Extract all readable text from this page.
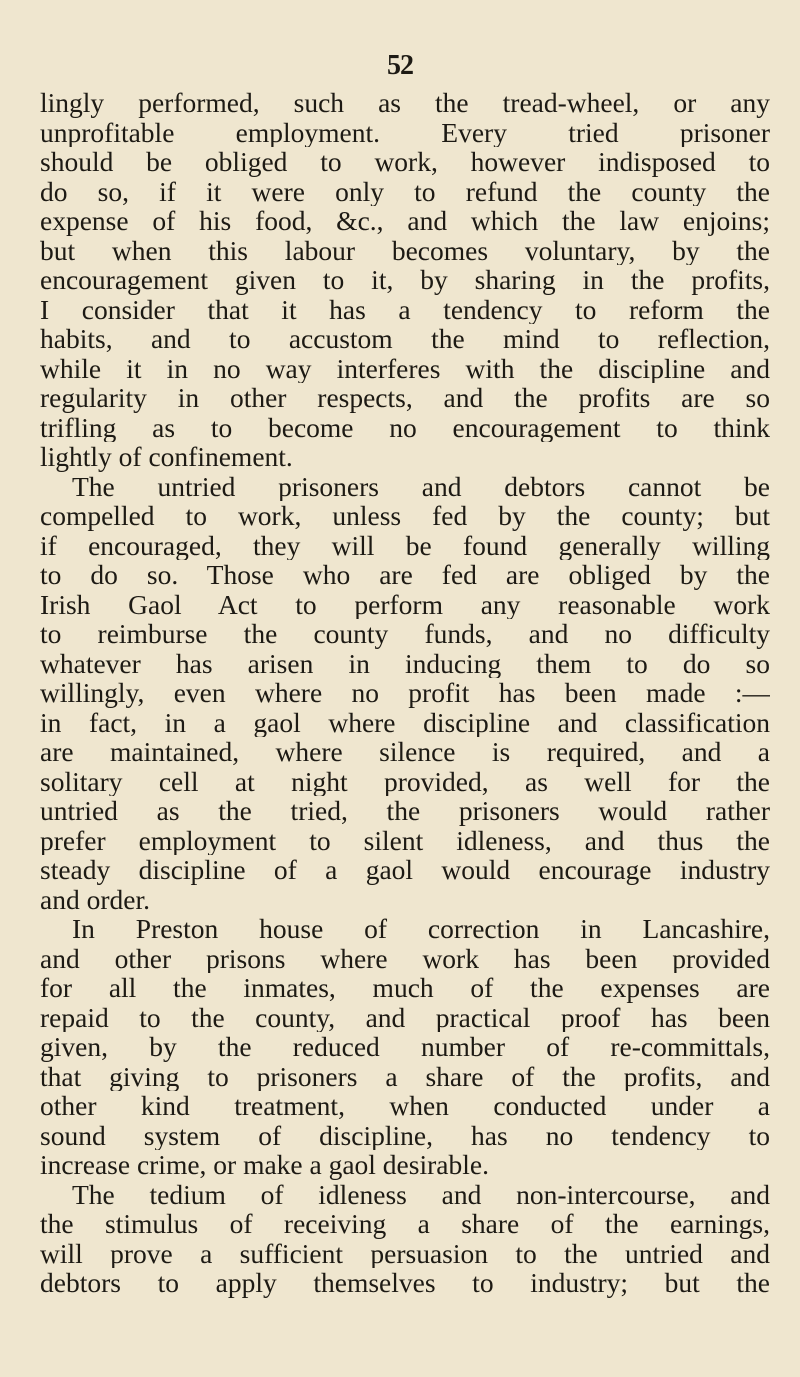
52
lingly performed, such as the tread-wheel, or any
unprofitable employment. Every tried prisoner
should be obliged to work, however indisposed to
do so, if it were only to refund the county the
expense of his food, &c., and which the law enjoins;
but when this labour becomes voluntary, by the
encouragement given to it, by sharing in the profits,
I consider that it has a tendency to reform the
habits, and to accustom the mind to reflection,
while it in no way interferes with the discipline and
regularity in other respects, and the profits are so
trifling as to become no encouragement to think
lightly of confinement.
The untried prisoners and debtors cannot be
compelled to work, unless fed by the county; but
if encouraged, they will be found generally willing
to do so. Those who are fed are obliged by the
Irish Gaol Act to perform any reasonable work
to reimburse the county funds, and no difficulty
whatever has arisen in inducing them to do so
willingly, even where no profit has been made :—
in fact, in a gaol where discipline and classification
are maintained, where silence is required, and a
solitary cell at night provided, as well for the
untried as the tried, the prisoners would rather
prefer employment to silent idleness, and thus the
steady discipline of a gaol would encourage industry
and order.
In Preston house of correction in Lancashire,
and other prisons where work has been provided
for all the inmates, much of the expenses are
repaid to the county, and practical proof has been
given, by the reduced number of re-committals,
that giving to prisoners a share of the profits, and
other kind treatment, when conducted under a
sound system of discipline, has no tendency to
increase crime, or make a gaol desirable.
The tedium of idleness and non-intercourse, and
the stimulus of receiving a share of the earnings,
will prove a sufficient persuasion to the untried and
debtors to apply themselves to industry; but the
